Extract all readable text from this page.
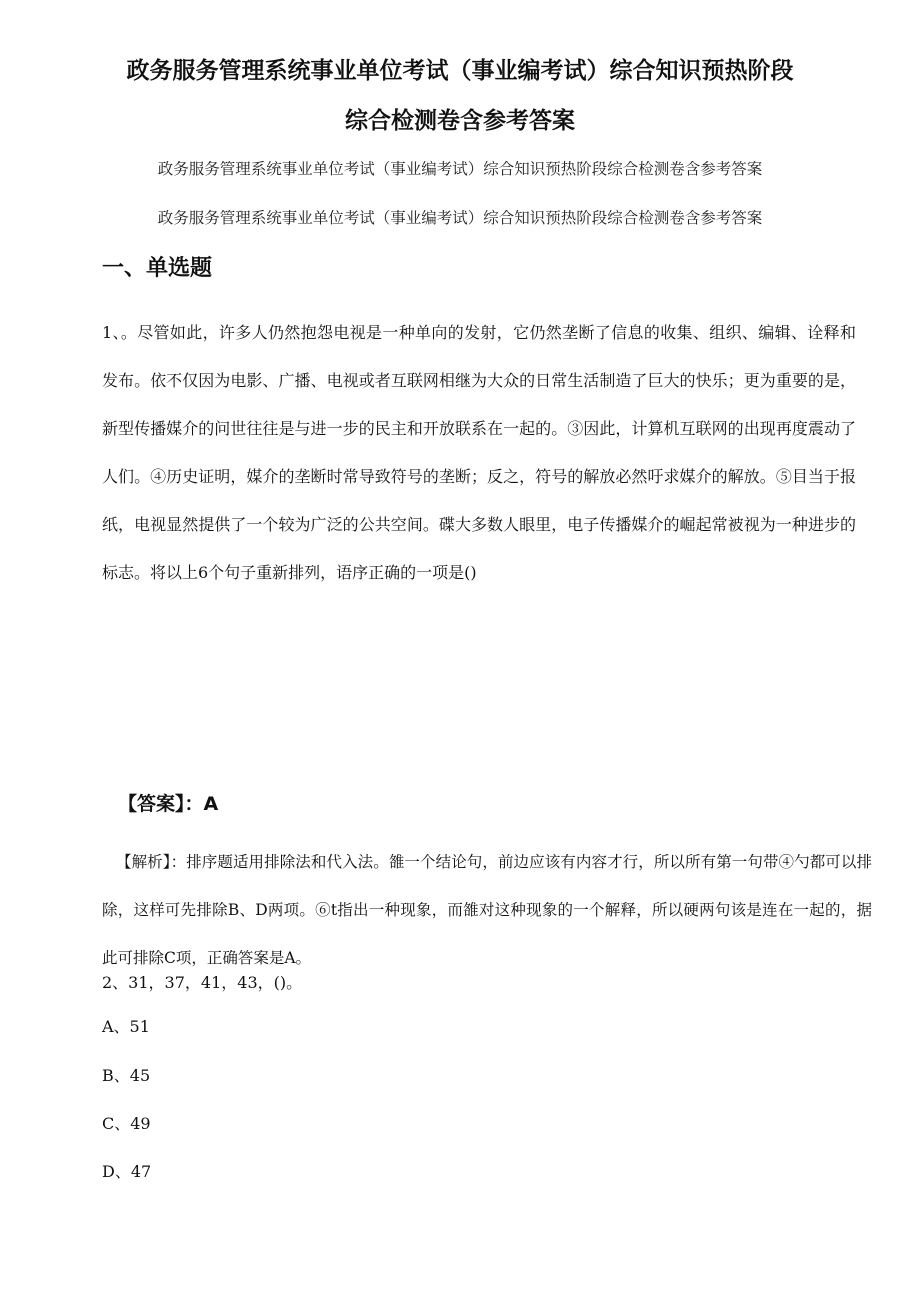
政务服务管理系统事业单位考试（事业编考试）综合知识预热阶段
综合检测卷含参考答案
政务服务管理系统事业单位考试（事业编考试）综合知识预热阶段综合检测卷含参考答案
政务服务管理系统事业单位考试（事业编考试）综合知识预热阶段综合检测卷含参考答案
一、单选题
1、。尽管如此，许多人仍然抱怨电视是一种单向的发射，它仍然垄断了信息的收集、组织、编辑、诠释和发布。依不仅因为电影、广播、电视或者互联网相继为大众的日常生活制造了巨大的快乐；更为重要的是，新型传播媒介的问世往往是与进一步的民主和开放联系在一起的。③因此，计算机互联网的出现再度震动了人们。④历史证明，媒介的垄断时常导致符号的垄断；反之，符号的解放必然吁求媒介的解放。⑤目当于报纸，电视显然提供了一个较为广泛的公共空间。碟大多数人眼里，电子传播媒介的崛起常被视为一种进步的标志。将以上6个句子重新排列，语序正确的一项是()
【答案】：A
【解析】：排序题适用排除法和代入法。雒一个结论句，前边应该有内容才行，所以所有第一句带④勺都可以排除，这样可先排除B、D两项。⑥t指出一种现象，而雒对这种现象的一个解释，所以硬两句该是连在一起的，据此可排除C项，正确答案是A。
2、31，37，41，43，()。
A、51
B、45
C、49
D、47
